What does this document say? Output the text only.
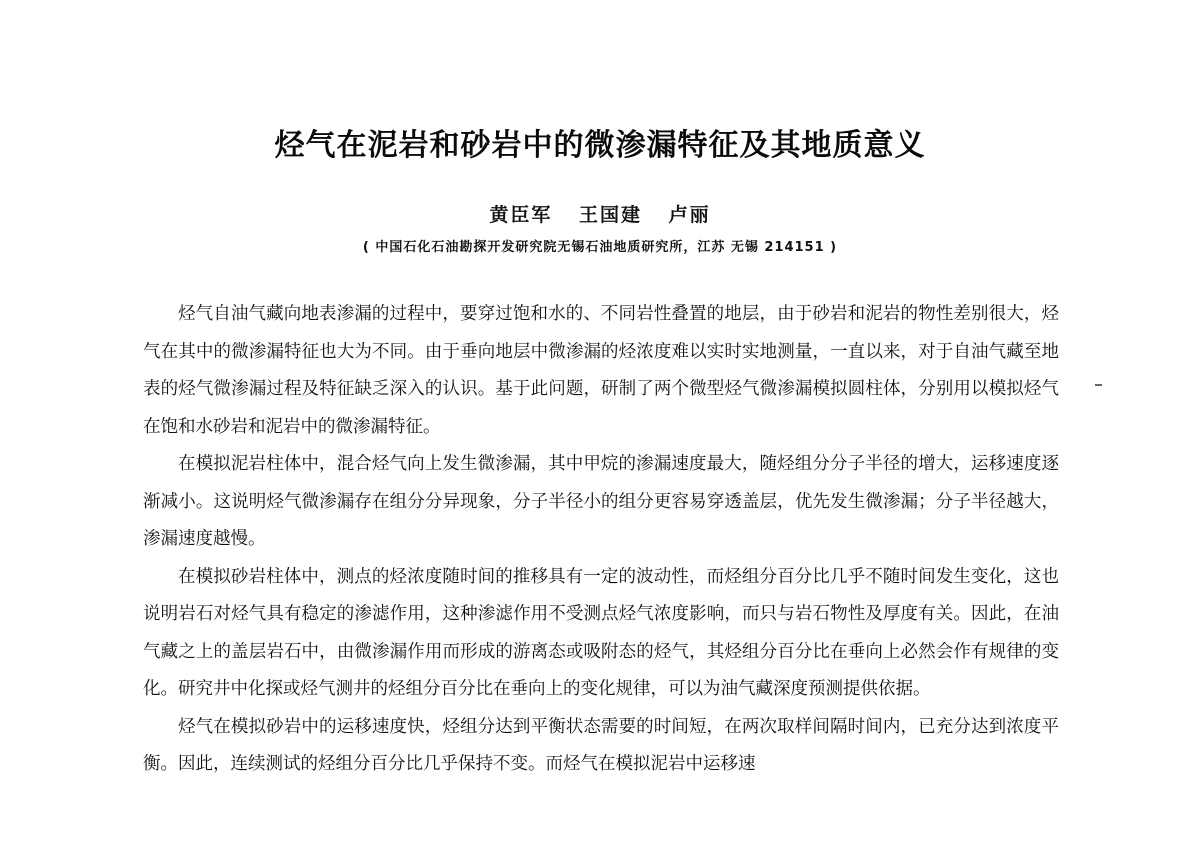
烃气在泥岩和砂岩中的微渗漏特征及其地质意义
黄臣军 王国建 卢丽
( 中国石化石油勘探开发研究院无锡石油地质研究所，江苏 无锡 214151 )

烃气自油气藏向地表渗漏的过程中，要穿过饱和水的、不同岩性叠置的地层，由于砂岩和泥岩的物性差别很大，烃气在其中的微渗漏特征也大为不同。由于垂向地层中微渗漏的烃浓度难以实时实地测量，一直以来，对于自油气藏至地表的烃气微渗漏过程及特征缺乏深入的认识。基于此问题，研制了两个微型烃气微渗漏模拟圆柱体，分别用以模拟烃气在饱和水砂岩和泥岩中的微渗漏特征。

在模拟泥岩柱体中，混合烃气向上发生微渗漏，其中甲烷的渗漏速度最大，随烃组分分子半径的增大，运移速度逐渐减小。这说明烃气微渗漏存在组分分异现象，分子半径小的组分更容易穿透盖层，优先发生微渗漏；分子半径越大，渗漏速度越慢。

在模拟砂岩柱体中，测点的烃浓度随时间的推移具有一定的波动性，而烃组分百分比几乎不随时间发生变化，这也说明岩石对烃气具有稳定的渗滤作用，这种渗滤作用不受测点烃气浓度影响，而只与岩石物性及厚度有关。因此，在油气藏之上的盖层岩石中，由微渗漏作用而形成的游离态或吸附态的烃气，其烃组分百分比在垂向上必然会作有规律的变化。研究井中化探或烃气测井的烃组分百分比在垂向上的变化规律，可以为油气藏深度预测提供依据。

烃气在模拟砂岩中的运移速度快，烃组分达到平衡状态需要的时间短，在两次取样间隔时间内，已充分达到浓度平衡。因此，连续测试的烃组分百分比几乎保持不变。而烃气在模拟泥岩中运移速
